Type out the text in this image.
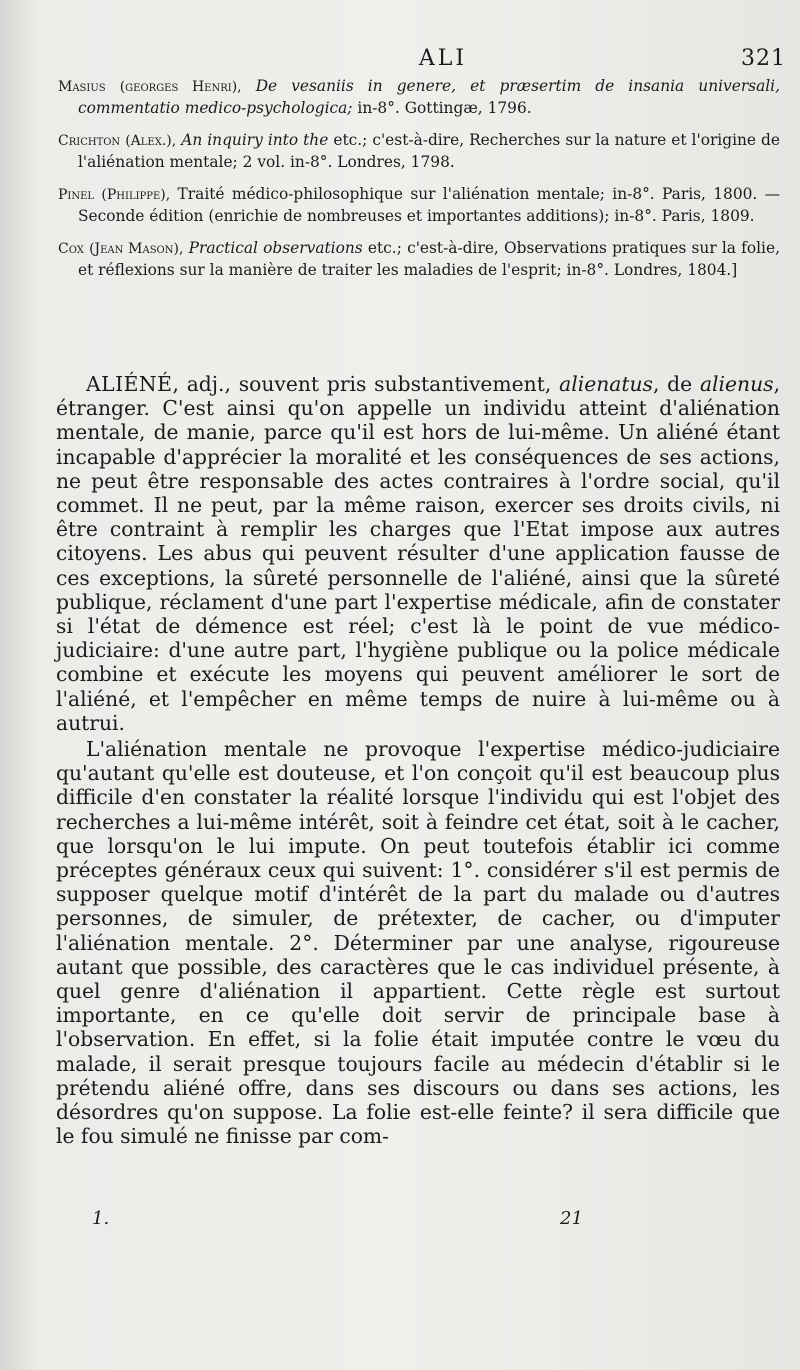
ALI	321

Masius (georges Henri), De vesaniis in genere, et præsertim de insania universali, commentatio medico-psychologica; in-8°. Gottingæ, 1796.

Crichton (Alex.), An inquiry into the etc.; c'est-à-dire, Recherches sur la nature et l'origine de l'aliénation mentale; 2 vol. in-8°. Londres, 1798.

Pinel (Philippe), Traité médico-philosophique sur l'aliénation mentale; in-8°. Paris, 1800. — Seconde édition (enrichie de nombreuses et importantes additions); in-8°. Paris, 1809.

Cox (Jean Mason), Practical observations etc.; c'est-à-dire, Observations pratiques sur la folie, et réflexions sur la manière de traiter les maladies de l'esprit; in-8°. Londres, 1804.]

ALIÉNÉ, adj., souvent pris substantivement, alienatus, de alienus, étranger. C'est ainsi qu'on appelle un individu atteint d'aliénation mentale, de manie, parce qu'il est hors de lui-même. Un aliéné étant incapable d'apprécier la moralité et les conséquences de ses actions, ne peut être responsable des actes contraires à l'ordre social, qu'il commet. Il ne peut, par la même raison, exercer ses droits civils, ni être contraint à remplir les charges que l'Etat impose aux autres citoyens. Les abus qui peuvent résulter d'une application fausse de ces exceptions, la sûreté personnelle de l'aliéné, ainsi que la sûreté publique, réclament d'une part l'expertise médicale, afin de constater si l'état de démence est réel; c'est là le point de vue médico-judiciaire: d'une autre part, l'hygiène publique ou la police médicale combine et exécute les moyens qui peuvent améliorer le sort de l'aliéné, et l'empêcher en même temps de nuire à lui-même ou à autrui.

L'aliénation mentale ne provoque l'expertise médico-judiciaire qu'autant qu'elle est douteuse, et l'on conçoit qu'il est beaucoup plus difficile d'en constater la réalité lorsque l'individu qui est l'objet des recherches a lui-même intérêt, soit à feindre cet état, soit à le cacher, que lorsqu'on le lui impute. On peut toutefois établir ici comme préceptes généraux ceux qui suivent: 1°. considérer s'il est permis de supposer quelque motif d'intérêt de la part du malade ou d'autres personnes, de simuler, de prétexter, de cacher, ou d'imputer l'aliénation mentale. 2°. Déterminer par une analyse, rigoureuse autant que possible, des caractères que le cas individuel présente, à quel genre d'aliénation il appartient. Cette règle est surtout importante, en ce qu'elle doit servir de principale base à l'observation. En effet, si la folie était imputée contre le vœu du malade, il serait presque toujours facile au médecin d'établir si le prétendu aliéné offre, dans ses discours ou dans ses actions, les désordres qu'on suppose. La folie est-elle feinte? il sera difficile que le fou simulé ne finisse par com-

1.	21
